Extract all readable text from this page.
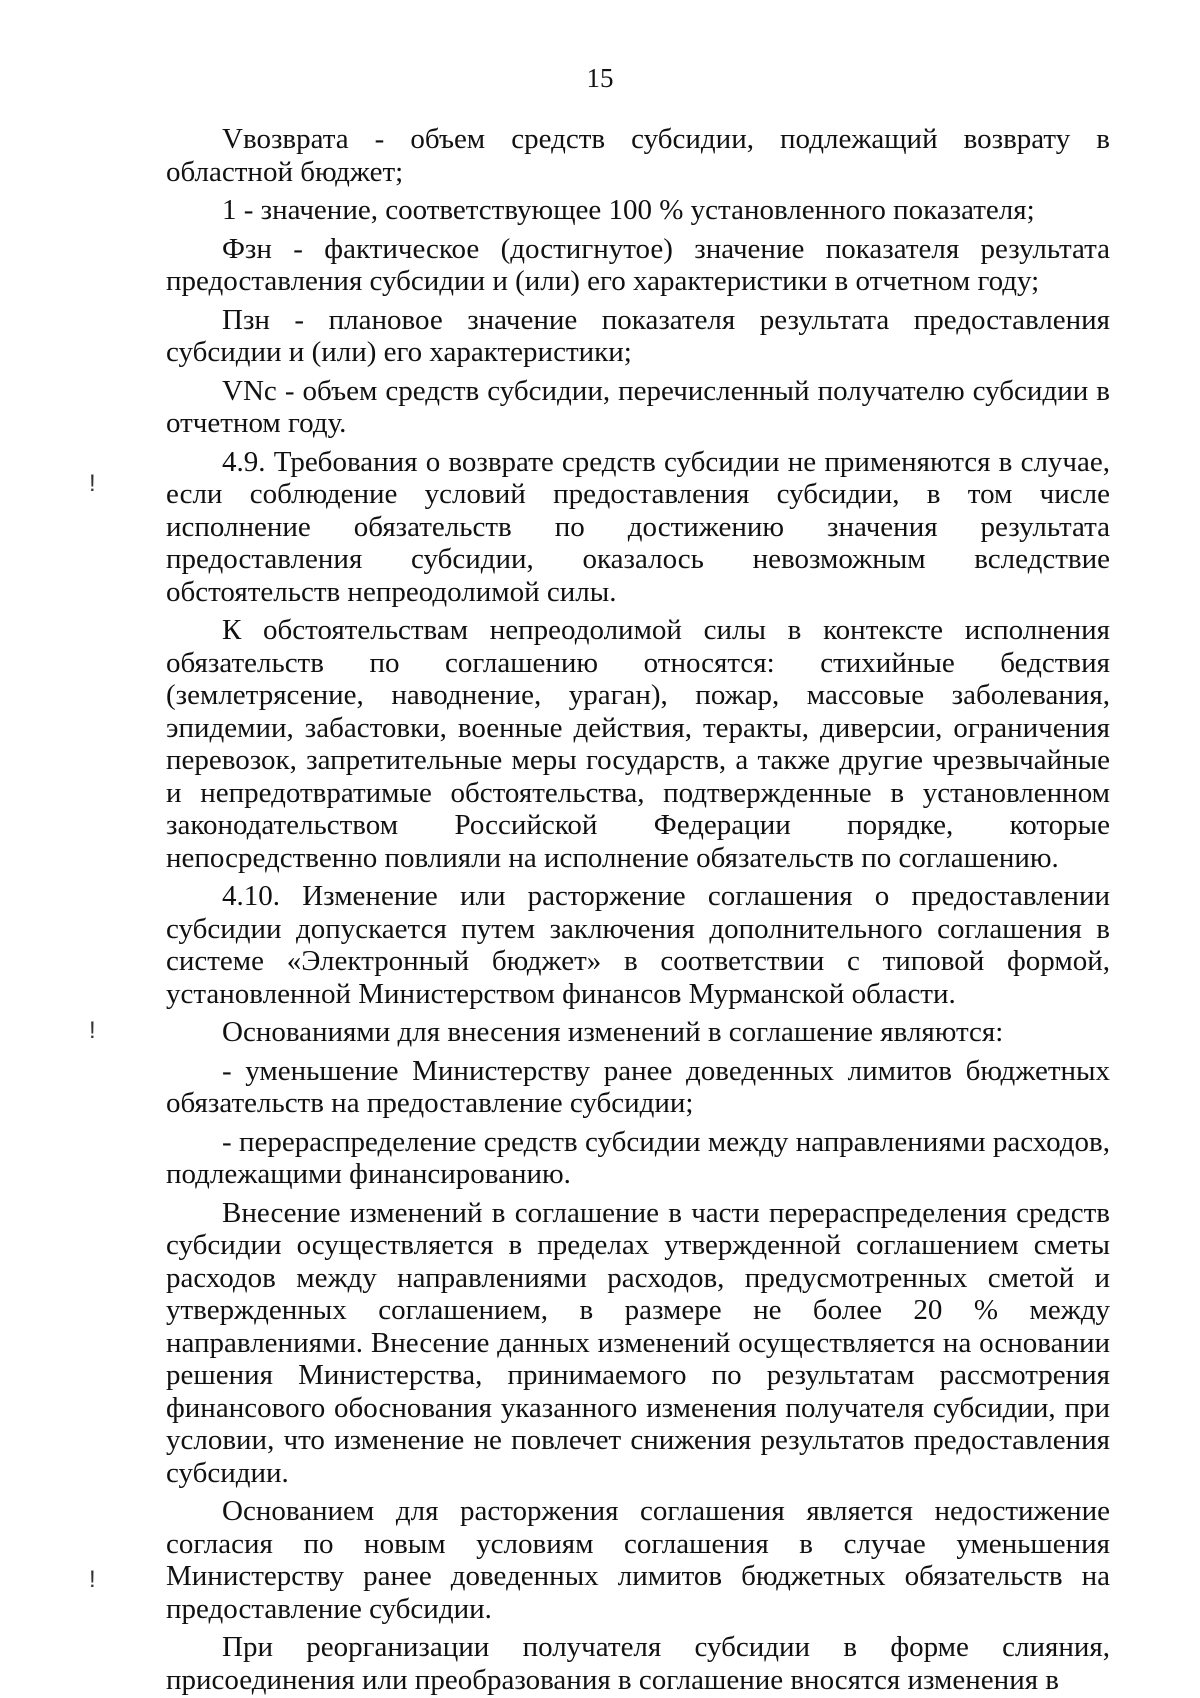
15
!
!
!

Vвозврата - объем средств субсидии, подлежащий возврату в областной бюджет;

1 - значение, соответствующее 100 % установленного показателя;

Фзн - фактическое (достигнутое) значение показателя результата предоставления субсидии и (или) его характеристики в отчетном году;

Пзн - плановое значение показателя результата предоставления субсидии и (или) его характеристики;

VNc - объем средств субсидии, перечисленный получателю субсидии в отчетном году.

4.9. Требования о возврате средств субсидии не применяются в случае, если соблюдение условий предоставления субсидии, в том числе исполнение обязательств по достижению значения результата предоставления субсидии, оказалось невозможным вследствие обстоятельств непреодолимой силы.

К обстоятельствам непреодолимой силы в контексте исполнения обязательств по соглашению относятся: стихийные бедствия (землетрясение, наводнение, ураган), пожар, массовые заболевания, эпидемии, забастовки, военные действия, теракты, диверсии, ограничения перевозок, запретительные меры государств, а также другие чрезвычайные и непредотвратимые обстоятельства, подтвержденные в установленном законодательством Российской Федерации порядке, которые непосредственно повлияли на исполнение обязательств по соглашению.

4.10. Изменение или расторжение соглашения о предоставлении субсидии допускается путем заключения дополнительного соглашения в системе «Электронный бюджет» в соответствии с типовой формой, установленной Министерством финансов Мурманской области.

Основаниями для внесения изменений в соглашение являются:

- уменьшение Министерству ранее доведенных лимитов бюджетных обязательств на предоставление субсидии;

- перераспределение средств субсидии между направлениями расходов, подлежащими финансированию.

Внесение изменений в соглашение в части перераспределения средств субсидии осуществляется в пределах утвержденной соглашением сметы расходов между направлениями расходов, предусмотренных сметой и утвержденных соглашением, в размере не более 20 % между направлениями. Внесение данных изменений осуществляется на основании решения Министерства, принимаемого по результатам рассмотрения финансового обоснования указанного изменения получателя субсидии, при условии, что изменение не повлечет снижения результатов предоставления субсидии.

Основанием для расторжения соглашения является недостижение согласия по новым условиям соглашения в случае уменьшения Министерству ранее доведенных лимитов бюджетных обязательств на предоставление субсидии.

При реорганизации получателя субсидии в форме слияния, присоединения или преобразования в соглашение вносятся изменения в
